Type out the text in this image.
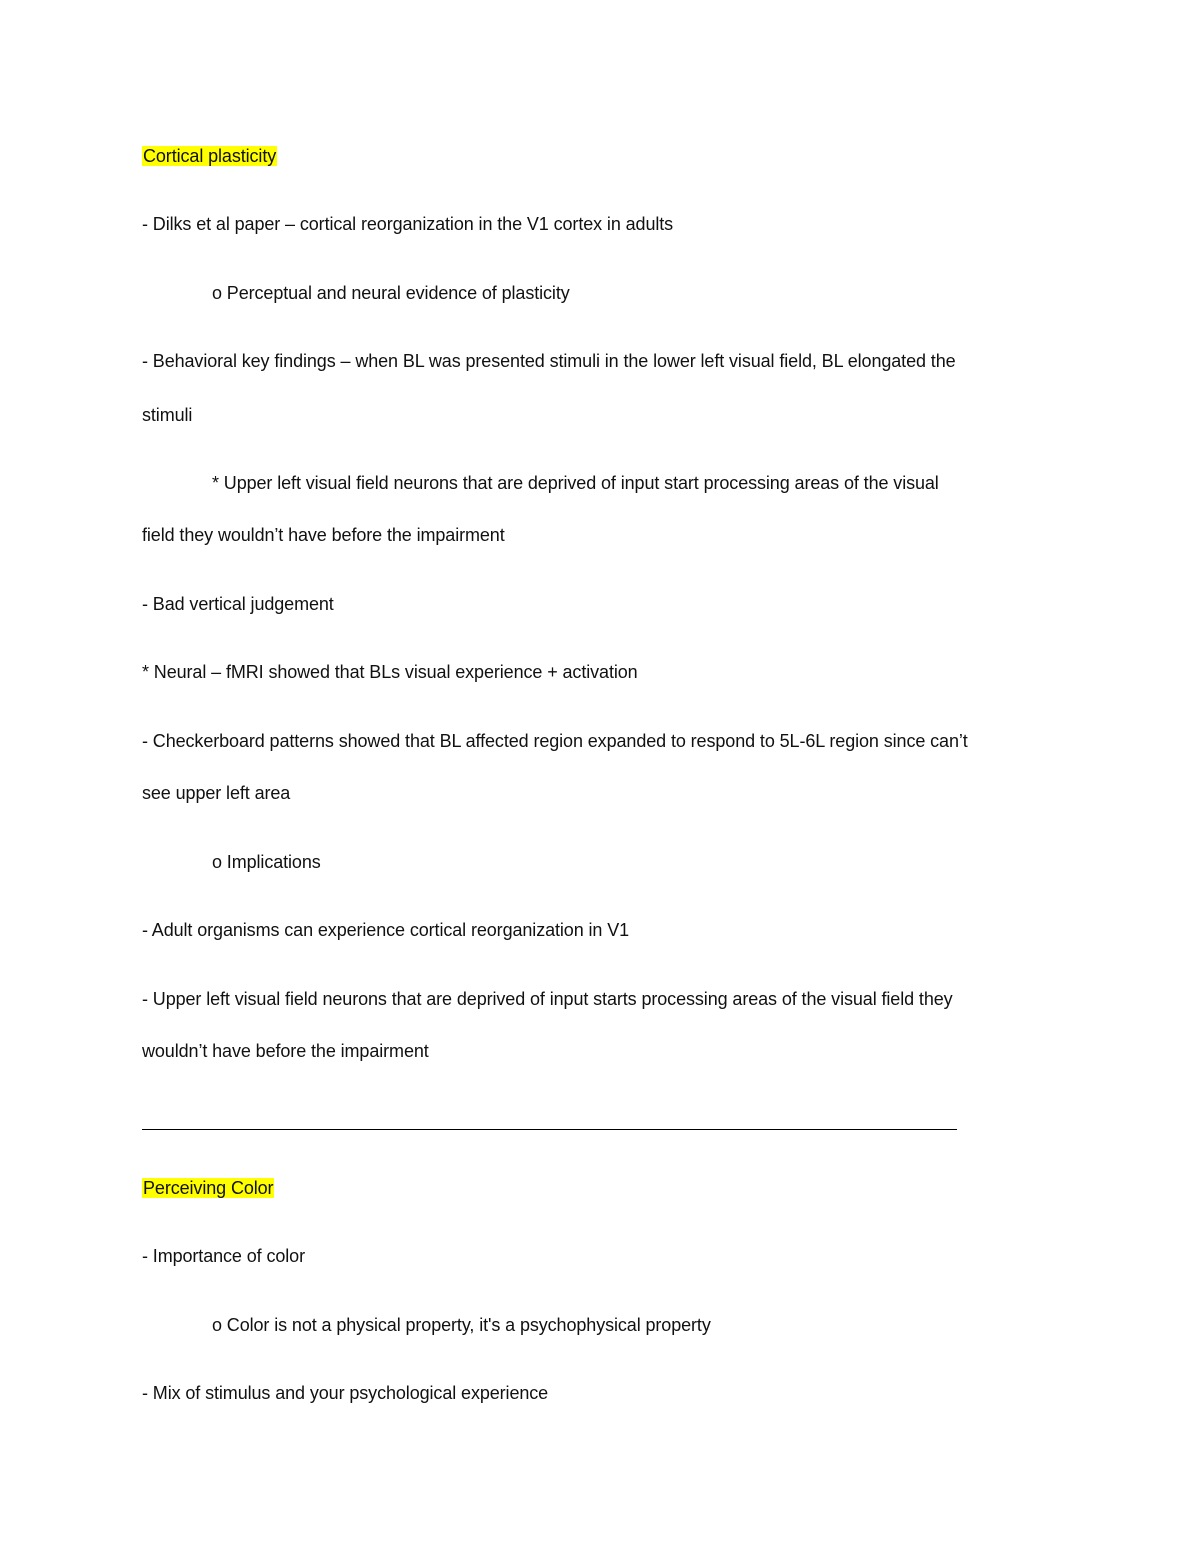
Cortical plasticity
- Dilks et al paper – cortical reorganization in the V1 cortex in adults
o Perceptual and neural evidence of plasticity
- Behavioral key findings – when BL was presented stimuli in the lower left visual field, BL elongated the
stimuli
* Upper left visual field neurons that are deprived of input start processing areas of the visual
field they wouldn’t have before the impairment
- Bad vertical judgement
* Neural – fMRI showed that BLs visual experience + activation
- Checkerboard patterns showed that BL affected region expanded to respond to 5L-6L region since can’t
see upper left area
o Implications
- Adult organisms can experience cortical reorganization in V1
- Upper left visual field neurons that are deprived of input starts processing areas of the visual field they
wouldn’t have before the impairment
Perceiving Color
- Importance of color
o Color is not a physical property, it's a psychophysical property
- Mix of stimulus and your psychological experience
